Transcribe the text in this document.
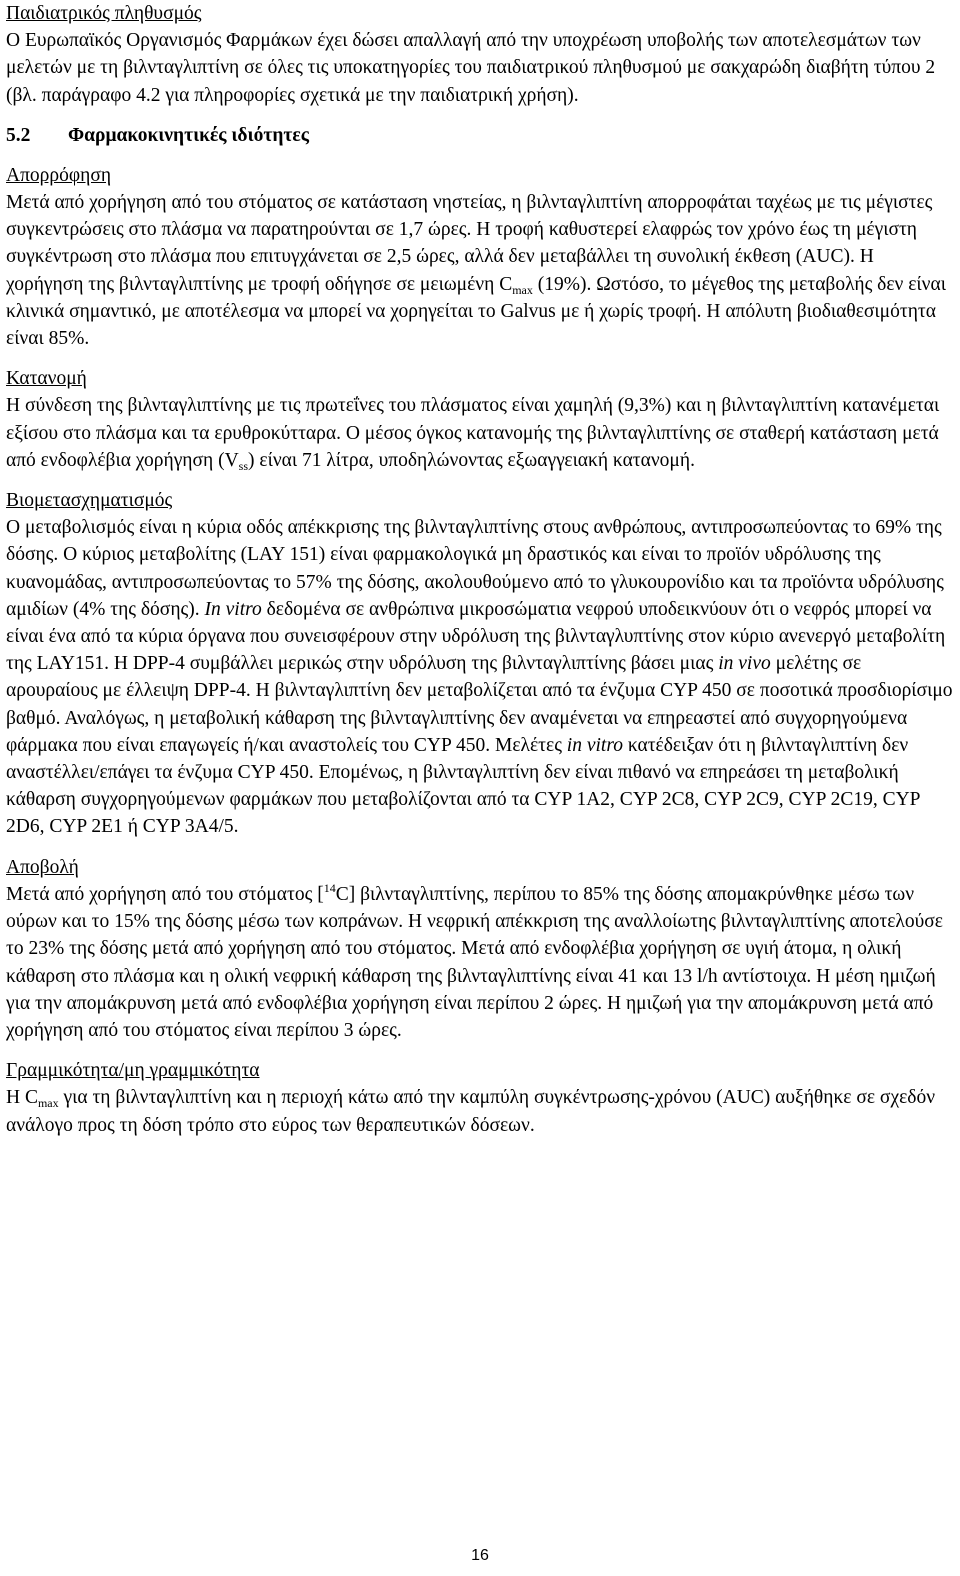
Παιδιατρικός πληθυσμός
Ο Ευρωπαϊκός Οργανισμός Φαρμάκων έχει δώσει απαλλαγή από την υποχρέωση υποβολής των αποτελεσμάτων των μελετών με τη βιλνταγλιπτίνη σε όλες τις υποκατηγορίες του παιδιατρικού πληθυσμού με σακχαρώδη διαβήτη τύπου 2 (βλ. παράγραφο 4.2 για πληροφορίες σχετικά με την παιδιατρική χρήση).
5.2 Φαρμακοκινητικές ιδιότητες
Απορρόφηση
Μετά από χορήγηση από του στόματος σε κατάσταση νηστείας, η βιλνταγλιπτίνη απορροφάται ταχέως με τις μέγιστες συγκεντρώσεις στο πλάσμα να παρατηρούνται σε 1,7 ώρες. Η τροφή καθυστερεί ελαφρώς τον χρόνο έως τη μέγιστη συγκέντρωση στο πλάσμα που επιτυγχάνεται σε 2,5 ώρες, αλλά δεν μεταβάλλει τη συνολική έκθεση (AUC). Η χορήγηση της βιλνταγλιπτίνης με τροφή οδήγησε σε μειωμένη $C_{max}$ (19%). Ωστόσο, το μέγεθος της μεταβολής δεν είναι κλινικά σημαντικό, με αποτέλεσμα να μπορεί να χορηγείται το Galvus με ή χωρίς τροφή. Η απόλυτη βιοδιαθεσιμότητα είναι 85%.
Κατανομή
Η σύνδεση της βιλνταγλιπτίνης με τις πρωτεΐνες του πλάσματος είναι χαμηλή (9,3%) και η βιλνταγλιπτίνη κατανέμεται εξίσου στο πλάσμα και τα ερυθροκύτταρα. Ο μέσος όγκος κατανομής της βιλνταγλιπτίνης σε σταθερή κατάσταση μετά από ενδοφλέβια χορήγηση $(V_{ss})$ είναι 71 λίτρα, υποδηλώνοντας εξωαγγειακή κατανομή.
Βιομετασχηματισμός
Ο μεταβολισμός είναι η κύρια οδός απέκκρισης της βιλνταγλιπτίνης στους ανθρώπους, αντιπροσωπεύοντας το 69% της δόσης. Ο κύριος μεταβολίτης (LAY 151) είναι φαρμακολογικά μη δραστικός και είναι το προϊόν υδρόλυσης της κυανομάδας, αντιπροσωπεύοντας το 57% της δόσης, ακολουθούμενο από το γλυκουρονίδιο και τα προϊόντα υδρόλυσης αμιδίων (4% της δόσης). In vitro δεδομένα σε ανθρώπινα μικροσώματια νεφρού υποδεικνύουν ότι ο νεφρός μπορεί να είναι ένα από τα κύρια όργανα που συνεισφέρουν στην υδρόλυση της βιλνταγλυπτίνης στον κύριο ανενεργό μεταβολίτη της LAY151. Η DPP-4 συμβάλλει μερικώς στην υδρόλυση της βιλνταγλιπτίνης βάσει μιας in vivo μελέτης σε αρουραίους με έλλειψη DPP-4. Η βιλνταγλιπτίνη δεν μεταβολίζεται από τα ένζυμα CYP 450 σε ποσοτικά προσδιορίσιμο βαθμό. Αναλόγως, η μεταβολική κάθαρση της βιλνταγλιπτίνης δεν αναμένεται να επηρεαστεί από συγχορηγούμενα φάρμακα που είναι επαγωγείς ή/και αναστολείς του CYP 450. Μελέτες in vitro κατέδειξαν ότι η βιλνταγλιπτίνη δεν αναστέλλει/επάγει τα ένζυμα CYP 450. Επομένως, η βιλνταγλιπτίνη δεν είναι πιθανό να επηρεάσει τη μεταβολική κάθαρση συγχορηγούμενων φαρμάκων που μεταβολίζονται από τα CYP 1A2, CYP 2C8, CYP 2C9, CYP 2C19, CYP 2D6, CYP 2E1 ή CYP 3A4/5.
Αποβολή
Μετά από χορήγηση από του στόματος [$^{14}$C] βιλνταγλιπτίνης, περίπου το 85% της δόσης απομακρύνθηκε μέσω των ούρων και το 15% της δόσης μέσω των κοπράνων. Η νεφρική απέκκριση της αναλλοίωτης βιλνταγλιπτίνης αποτελούσε το 23% της δόσης μετά από χορήγηση από του στόματος. Μετά από ενδοφλέβια χορήγηση σε υγιή άτομα, η ολική κάθαρση στο πλάσμα και η ολική νεφρική κάθαρση της βιλνταγλιπτίνης είναι 41 και 13 l/h αντίστοιχα. Η μέση ημιζωή για την απομάκρυνση μετά από ενδοφλέβια χορήγηση είναι περίπου 2 ώρες. Η ημιζωή για την απομάκρυνση μετά από χορήγηση από του στόματος είναι περίπου 3 ώρες.
Γραμμικότητα/μη γραμμικότητα
Η $C_{max}$ για τη βιλνταγλιπτίνη και η περιοχή κάτω από την καμπύλη συγκέντρωσης-χρόνου (AUC) αυξήθηκε σε σχεδόν ανάλογο προς τη δόση τρόπο στο εύρος των θεραπευτικών δόσεων.
16
